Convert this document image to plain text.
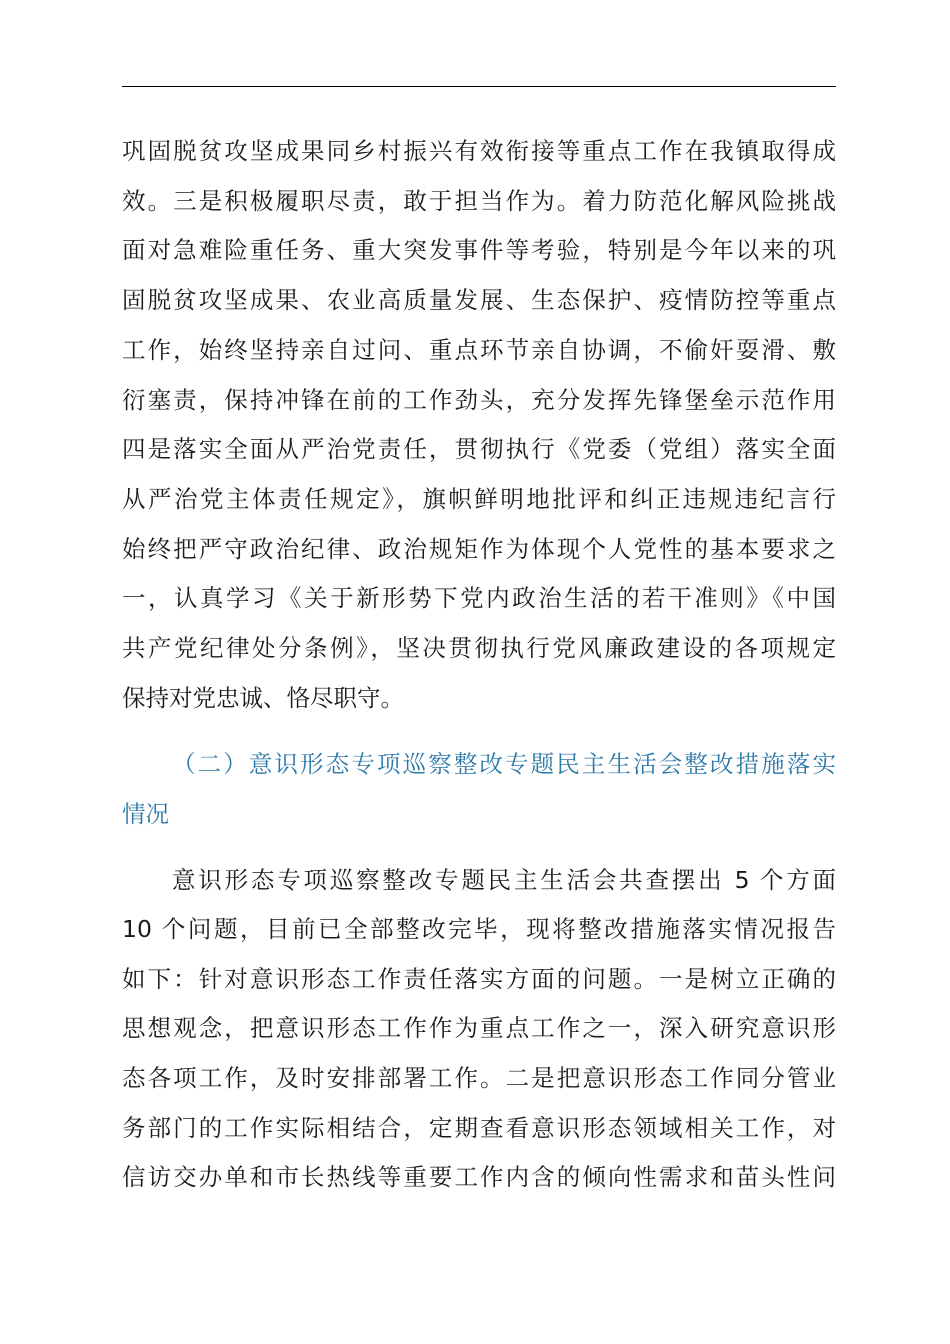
巩固脱贫攻坚成果同乡村振兴有效衔接等重点工作在我镇取得成
效。三是积极履职尽责，敢于担当作为。着力防范化解风险挑战
面对急难险重任务、重大突发事件等考验，特别是今年以来的巩
固脱贫攻坚成果、农业高质量发展、生态保护、疫情防控等重点
工作，始终坚持亲自过问、重点环节亲自协调，不偷奸耍滑、敷
衍塞责，保持冲锋在前的工作劲头，充分发挥先锋堡垒示范作用
四是落实全面从严治党责任，贯彻执行《党委（党组）落实全面
从严治党主体责任规定》，旗帜鲜明地批评和纠正违规违纪言行
始终把严守政治纪律、政治规矩作为体现个人党性的基本要求之
一，认真学习《关于新形势下党内政治生活的若干准则》《中国
共产党纪律处分条例》，坚决贯彻执行党风廉政建设的各项规定
保持对党忠诚、恪尽职守。
（二）意识形态专项巡察整改专题民主生活会整改措施落实
情况
意识形态专项巡察整改专题民主生活会共查摆出 5 个方面
10 个问题，目前已全部整改完毕，现将整改措施落实情况报告
如下：针对意识形态工作责任落实方面的问题。一是树立正确的
思想观念，把意识形态工作作为重点工作之一，深入研究意识形
态各项工作，及时安排部署工作。二是把意识形态工作同分管业
务部门的工作实际相结合，定期查看意识形态领域相关工作，对
信访交办单和市长热线等重要工作内含的倾向性需求和苗头性问
